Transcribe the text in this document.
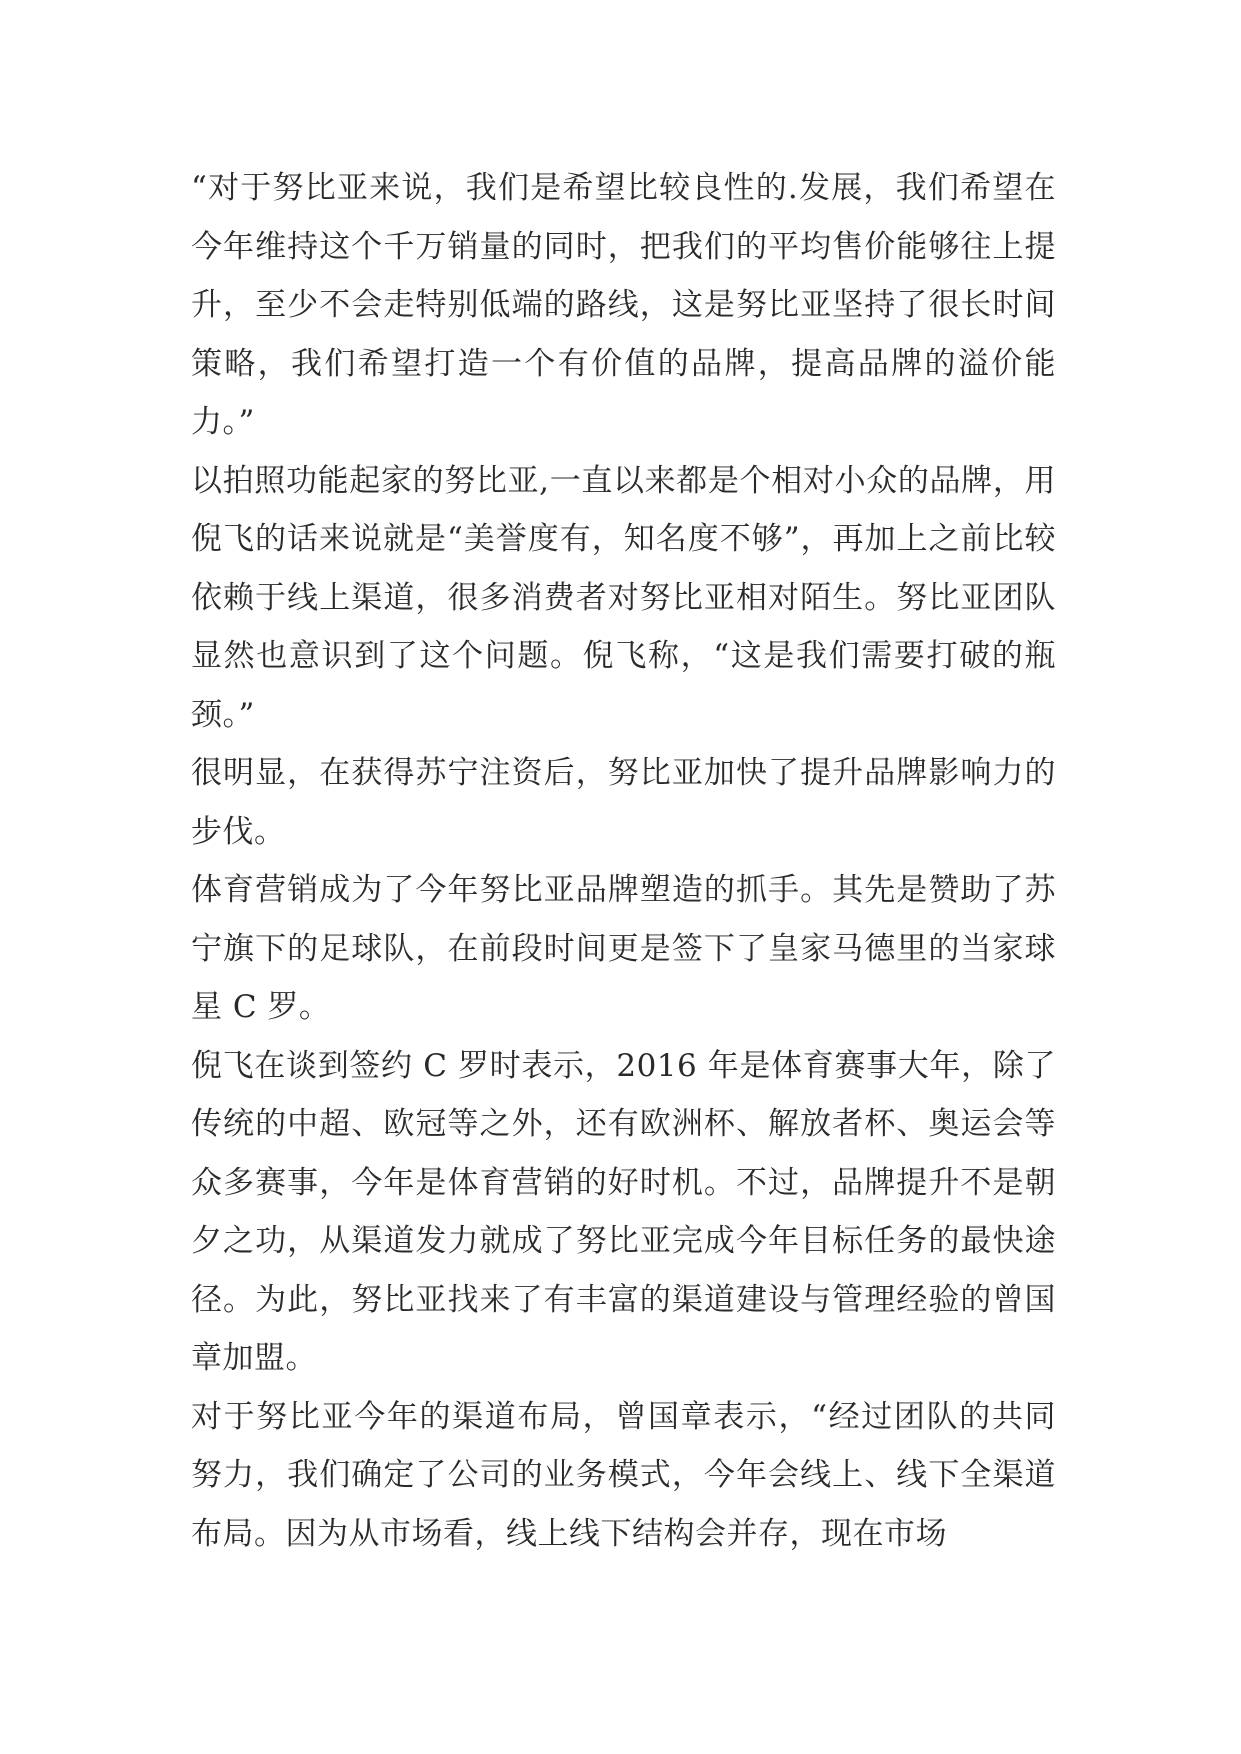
“对于努比亚来说，我们是希望比较良性的.发展，我们希望在今年维持这个千万销量的同时，把我们的平均售价能够往上提升，至少不会走特别低端的路线，这是努比亚坚持了很长时间策略，我们希望打造一个有价值的品牌，提高品牌的溢价能力。”

以拍照功能起家的努比亚,一直以来都是个相对小众的品牌，用倪飞的话来说就是“美誉度有，知名度不够”，再加上之前比较依赖于线上渠道，很多消费者对努比亚相对陌生。努比亚团队显然也意识到了这个问题。倪飞称，“这是我们需要打破的瓶颈。”

很明显，在获得苏宁注资后，努比亚加快了提升品牌影响力的步伐。

体育营销成为了今年努比亚品牌塑造的抓手。其先是赞助了苏宁旗下的足球队，在前段时间更是签下了皇家马德里的当家球星 C 罗。

倪飞在谈到签约 C 罗时表示，2016 年是体育赛事大年，除了传统的中超、欧冠等之外，还有欧洲杯、解放者杯、奥运会等众多赛事，今年是体育营销的好时机。不过，品牌提升不是朝夕之功，从渠道发力就成了努比亚完成今年目标任务的最快途径。为此，努比亚找来了有丰富的渠道建设与管理经验的曾国章加盟。

对于努比亚今年的渠道布局，曾国章表示，“经过团队的共同努力，我们确定了公司的业务模式，今年会线上、线下全渠道布局。因为从市场看，线上线下结构会并存，现在市场
